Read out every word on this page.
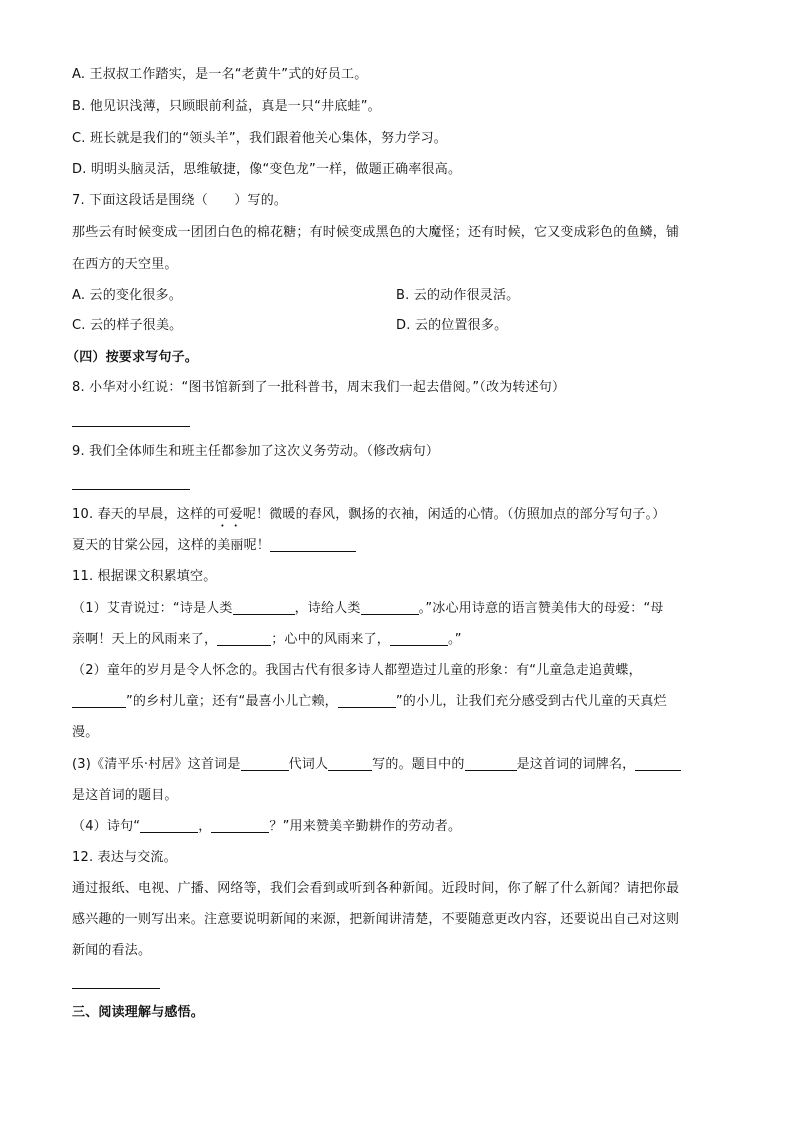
A. 王叔叔工作踏实，是一名“老黄牛”式的好员工。
B. 他见识浅薄，只顾眼前利益，真是一只“井底蛙”。
C. 班长就是我们的“领头羊”，我们跟着他关心集体，努力学习。
D. 明明头脑灵活，思维敏捷，像“变色龙”一样，做题正确率很高。
7. 下面这段话是围绕（　　）写的。
那些云有时候变成一团团白色的棉花糖；有时候变成黑色的大魔怪；还有时候，它又变成彩色的鱼鳞，铺
在西方的天空里。
A. 云的变化很多。	B. 云的动作很灵活。
C. 云的样子很美。	D. 云的位置很多。
（四）按要求写句子。
8. 小华对小红说：“图书馆新到了一批科普书，周末我们一起去借阅。”（改为转述句）
9. 我们全体师生和班主任都参加了这次义务劳动。（修改病句）
10. 春天的早晨，这样的可爱呢！微暖的春风，飘扬的衣袖，闲适的心情。（仿照加点的部分写句子。）
夏天的甘棠公园，这样的美丽呢！
11. 根据课文积累填空。
（1）艾青说过：“诗是人类	，诗给人类	。”冰心用诗意的语言赞美伟大的母爱：“母
亲啊！天上的风雨来了，	；心中的风雨来了，	。”
（2）童年的岁月是令人怀念的。我国古代有很多诗人都塑造过儿童的形象：有“儿童急走追黄蝶，
”的乡村儿童；还有“最喜小儿亡赖，	”的小儿，让我们充分感受到古代儿童的天真烂
漫。
(3)《清平乐·村居》这首词是	代词人	写的。题目中的	是这首词的词牌名，
是这首词的题目。
（4）诗句“	，	？”用来赞美辛勤耕作的劳动者。
12. 表达与交流。
通过报纸、电视、广播、网络等，我们会看到或听到各种新闻。近段时间，你了解了什么新闻？请把你最
感兴趣的一则写出来。注意要说明新闻的来源，把新闻讲清楚，不要随意更改内容，还要说出自己对这则
新闻的看法。
三、阅读理解与感悟。
